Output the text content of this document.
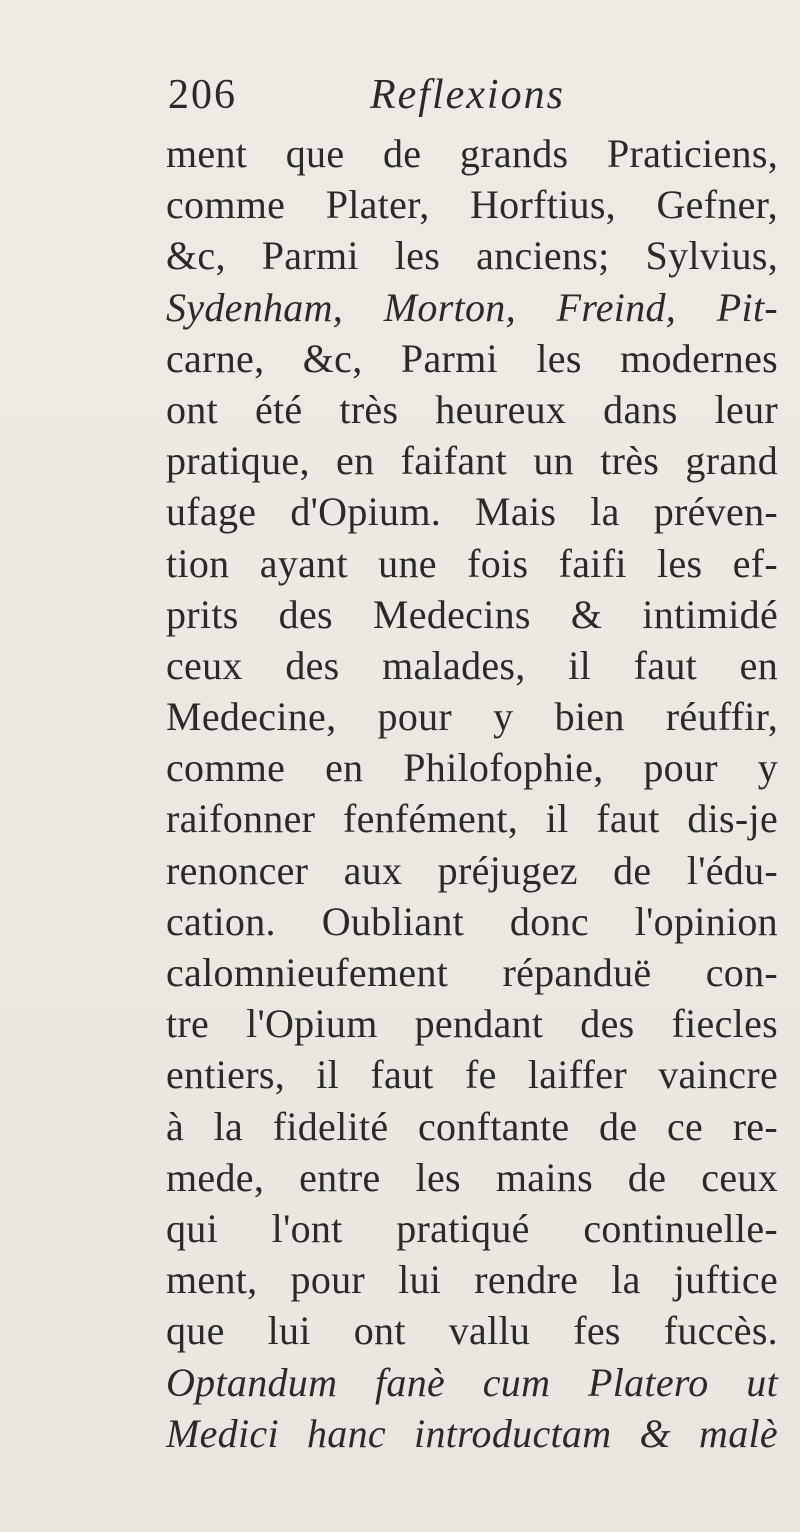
206	Reflexions
ment que de grands Praticiens,
comme Plater, Horftius, Gefner,
&c, Parmi les anciens; Sylvius,
Sydenham, Morton, Freind, Pit-
carne, &c, Parmi les modernes
ont été très heureux dans leur
pratique, en faifant un très grand
ufage d'Opium. Mais la préven-
tion ayant une fois faifi les ef-
prits des Medecins & intimidé
ceux des malades, il faut en
Medecine, pour y bien réuffir,
comme en Philofophie, pour y
raifonner fenfément, il faut dis-je
renoncer aux préjugez de l'édu-
cation. Oubliant donc l'opinion
calomnieufement répanduë con-
tre l'Opium pendant des fiecles
entiers, il faut fe laiffer vaincre
à la fidelité conftante de ce re-
mede, entre les mains de ceux
qui l'ont pratiqué continuelle-
ment, pour lui rendre la juftice
que lui ont vallu fes fuccès.
Optandum fanè cum Platero ut
Medici hanc introductam & malè
